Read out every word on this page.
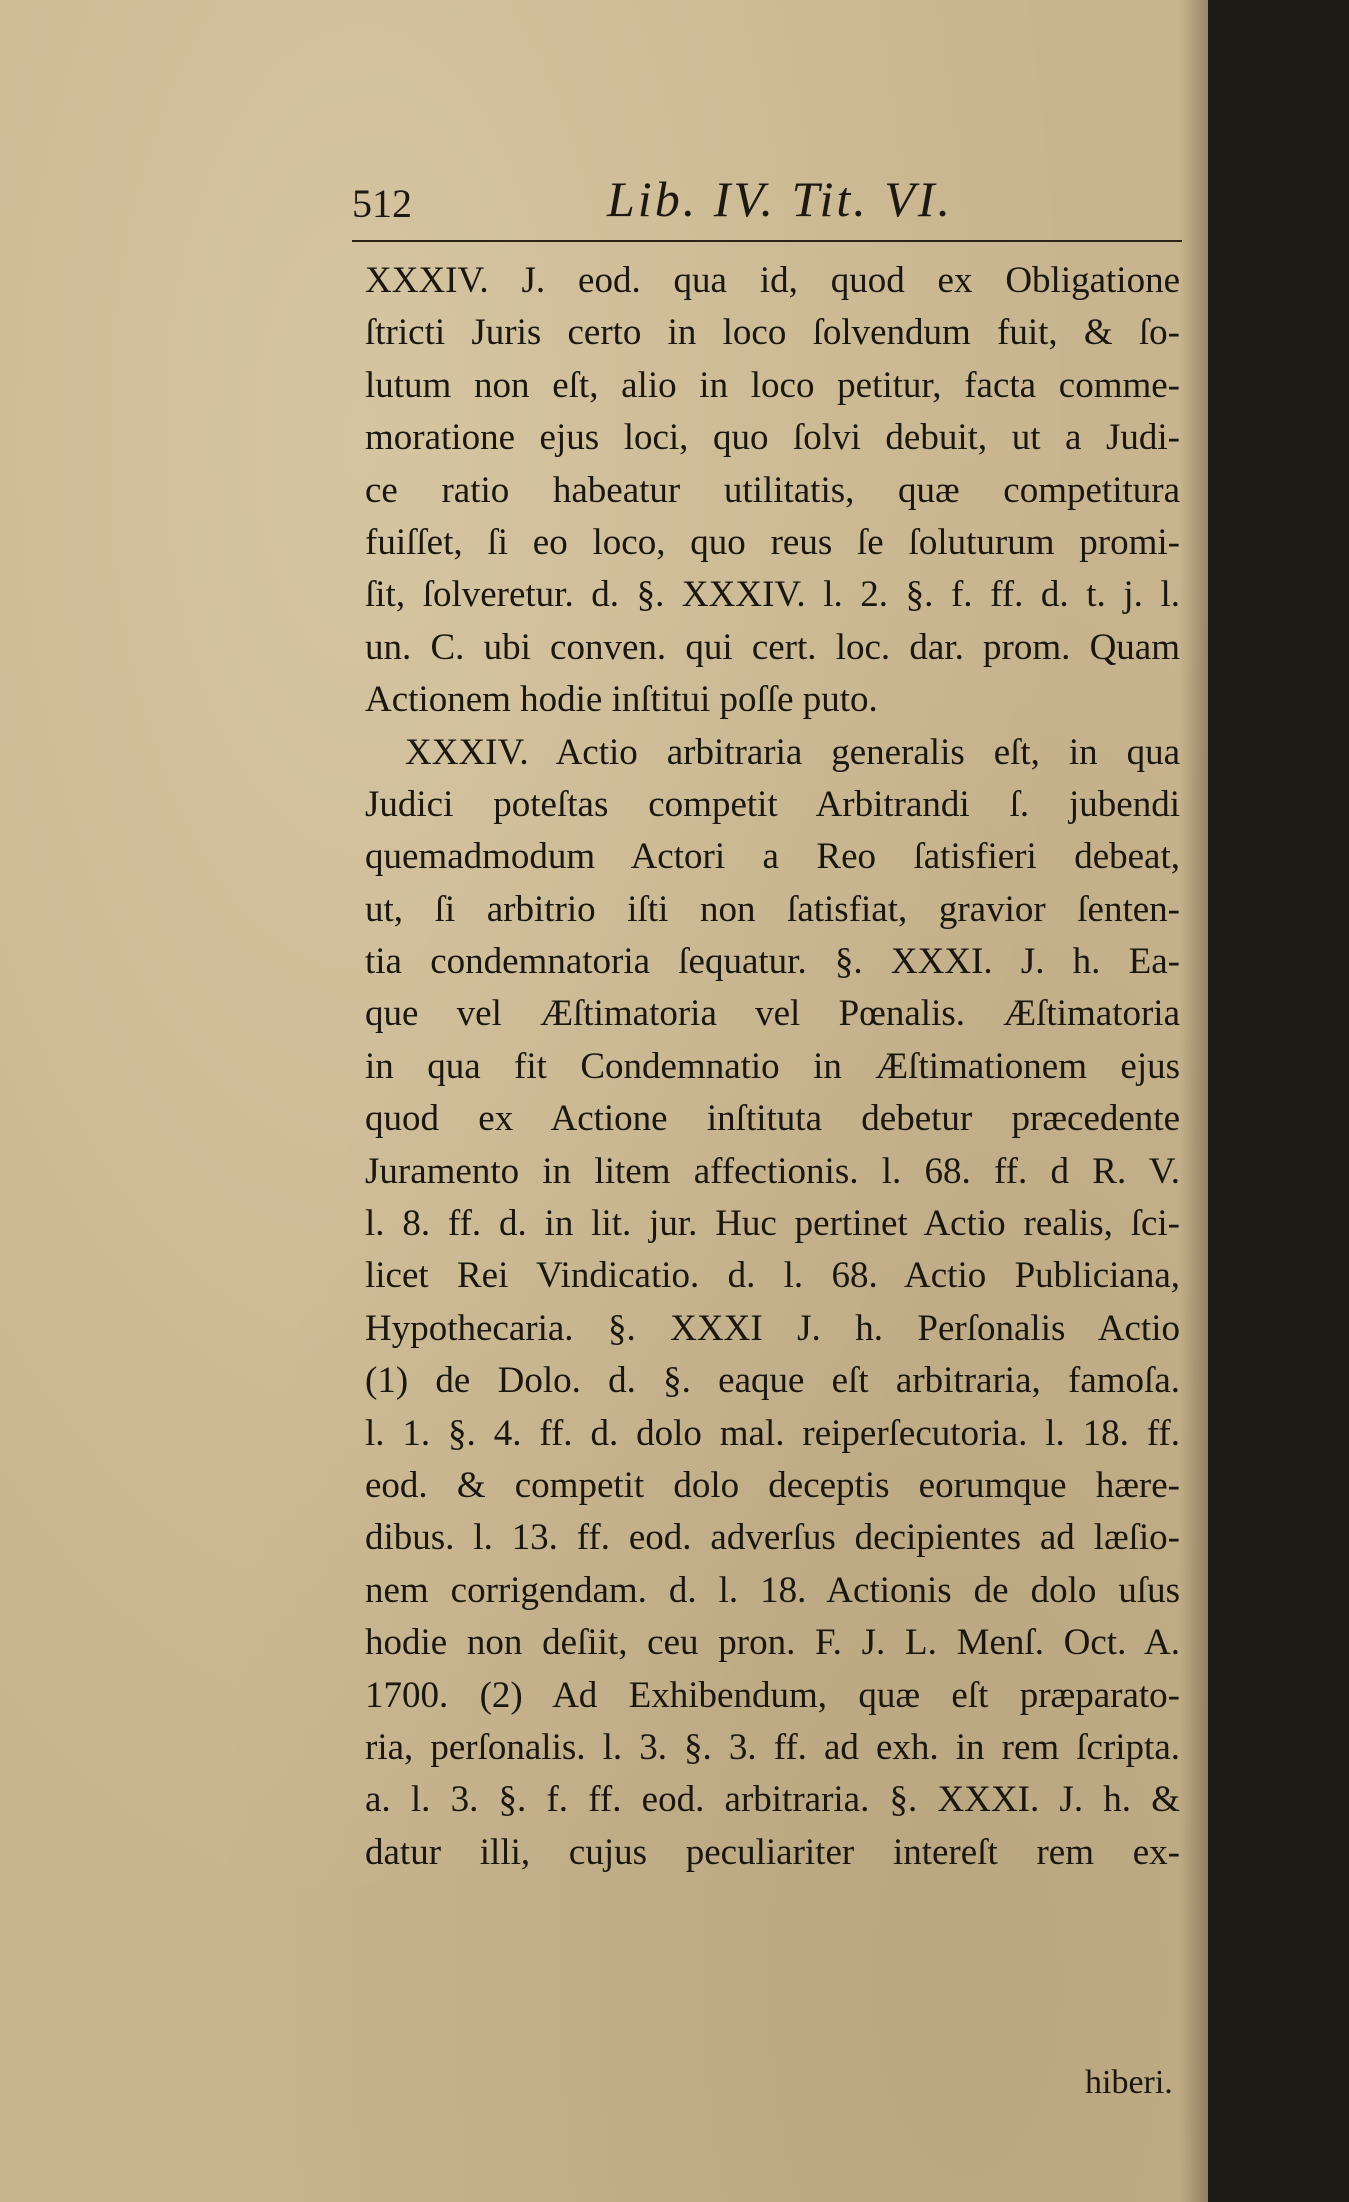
512	Lib. IV. Tit. VI.
XXXIV. J. eod. qua id, quod ex Obligatione
ſtricti Juris certo in loco ſolvendum fuit, & ſo-
lutum non eſt, alio in loco petitur, facta comme-
moratione ejus loci, quo ſolvi debuit, ut a Judi-
ce ratio habeatur utilitatis, quæ competitura
fuiſſet, ſi eo loco, quo reus ſe ſoluturum promi-
ſit, ſolveretur. d. §. XXXIV. l. 2. §. f. ff. d. t. j. l.
un. C. ubi conven. qui cert. loc. dar. prom. Quam
Actionem hodie inſtitui poſſe puto.
XXXIV. Actio arbitraria generalis eſt, in qua
Judici poteſtas competit Arbitrandi ſ. jubendi
quemadmodum Actori a Reo ſatisfieri debeat,
ut, ſi arbitrio iſti non ſatisfiat, gravior ſenten-
tia condemnatoria ſequatur. §. XXXI. J. h. Ea-
que vel Æſtimatoria vel Pœnalis. Æſtimatoria
in qua fit Condemnatio in Æſtimationem ejus
quod ex Actione inſtituta debetur præcedente
Juramento in litem affectionis. l. 68. ff. d R. V.
l. 8. ff. d. in lit. jur. Huc pertinet Actio realis, ſci-
licet Rei Vindicatio. d. l. 68. Actio Publiciana,
Hypothecaria. §. XXXI J. h. Perſonalis Actio
(1) de Dolo. d. §. eaque eſt arbitraria, famoſa.
l. 1. §. 4. ff. d. dolo mal. reiperſecutoria. l. 18. ff.
eod. & competit dolo deceptis eorumque hære-
dibus. l. 13. ff. eod. adverſus decipientes ad læſio-
nem corrigendam. d. l. 18. Actionis de dolo uſus
hodie non deſiit, ceu pron. F. J. L. Menſ. Oct. A.
1700. (2) Ad Exhibendum, quæ eſt præparato-
ria, perſonalis. l. 3. §. 3. ff. ad exh. in rem ſcripta.
a. l. 3. §. f. ff. eod. arbitraria. §. XXXI. J. h. &
datur illi, cujus peculiariter intereſt rem ex-
hiberi.
